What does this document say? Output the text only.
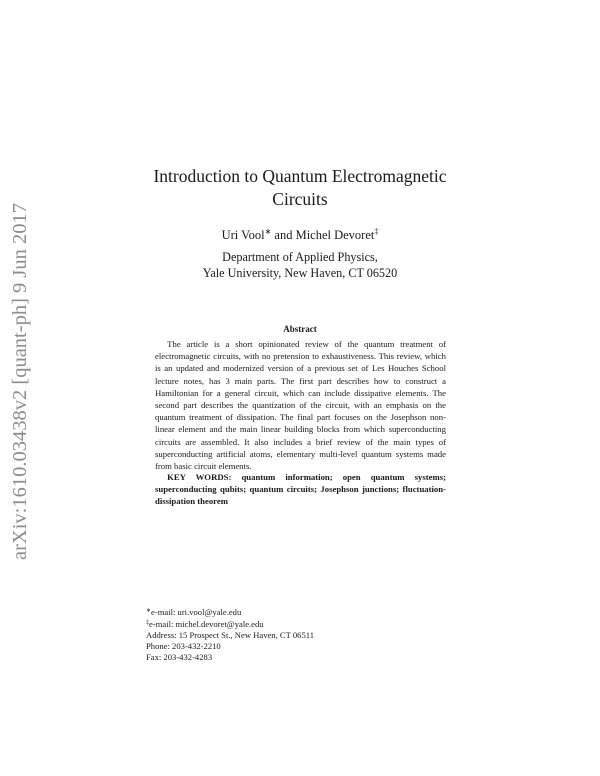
arXiv:1610.03438v2 [quant-ph] 9 Jun 2017
Introduction to Quantum Electromagnetic
Circuits
Uri Vool∗ and Michel Devoret‡
Department of Applied Physics,
Yale University, New Haven, CT 06520
Abstract

The article is a short opinionated review of the quantum treatment of electromagnetic circuits, with no pretension to exhaustiveness. This review, which is an updated and modernized version of a previous set of Les Houches School lecture notes, has 3 main parts. The first part describes how to construct a Hamiltonian for a general circuit, which can include dissipative elements. The second part describes the quantization of the circuit, with an emphasis on the quantum treatment of dissipation. The final part focuses on the Josephson non-linear element and the main linear building blocks from which superconducting circuits are assembled. It also includes a brief review of the main types of superconducting artificial atoms, elementary multi-level quantum systems made from basic circuit elements.

KEY WORDS: quantum information; open quantum systems; superconducting qubits; quantum circuits; Josephson junctions; fluctuation-dissipation theorem

∗e-mail: uri.vool@yale.edu
‡e-mail: michel.devoret@yale.edu
Address: 15 Prospect St., New Haven, CT 06511
Phone: 203-432-2210
Fax: 203-432-4283
